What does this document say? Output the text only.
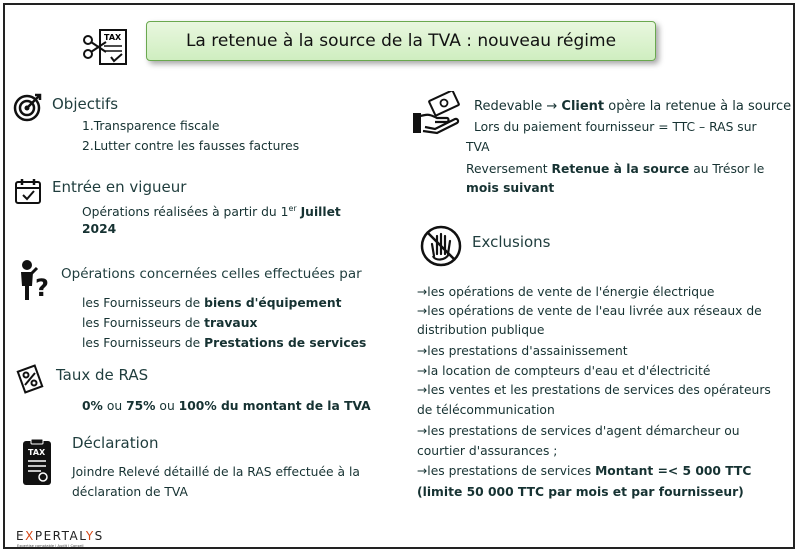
TAX	La retenue à la source de la TVA : nouveau régime
Objectifs
1.Transparence fiscale
2.Lutter contre les fausses factures
Entrée en vigueur
Opérations réalisées à partir du 1er Juillet
2024
? Opérations concernées celles effectuées par
les Fournisseurs de biens d'équipement
les Fournisseurs de travaux
les Fournisseurs de Prestations de services
Taux de RAS
0% ou 75% ou 100% du montant de la TVA
TAX
Déclaration
Joindre Relevé détaillé de la RAS effectuée à la
déclaration de TVA
Redevable → Client opère la retenue à la source
Lors du paiement fournisseur = TTC – RAS sur
TVA
Reversement Retenue à la source au Trésor le
mois suivant
Exclusions
→les opérations de vente de l'énergie électrique
→les opérations de vente de l'eau livrée aux réseaux de
distribution publique
→les prestations d'assainissement
→la location de compteurs d'eau et d'électricité
→les ventes et les prestations de services des opérateurs
de télécommunication
→les prestations de services d'agent démarcheur ou
courtier d'assurances ;
→les prestations de services Montant =< 5 000 TTC
(limite 50 000 TTC par mois et par fournisseur)
EXPERTALYS
Expertise comptable | Audit | Conseil
